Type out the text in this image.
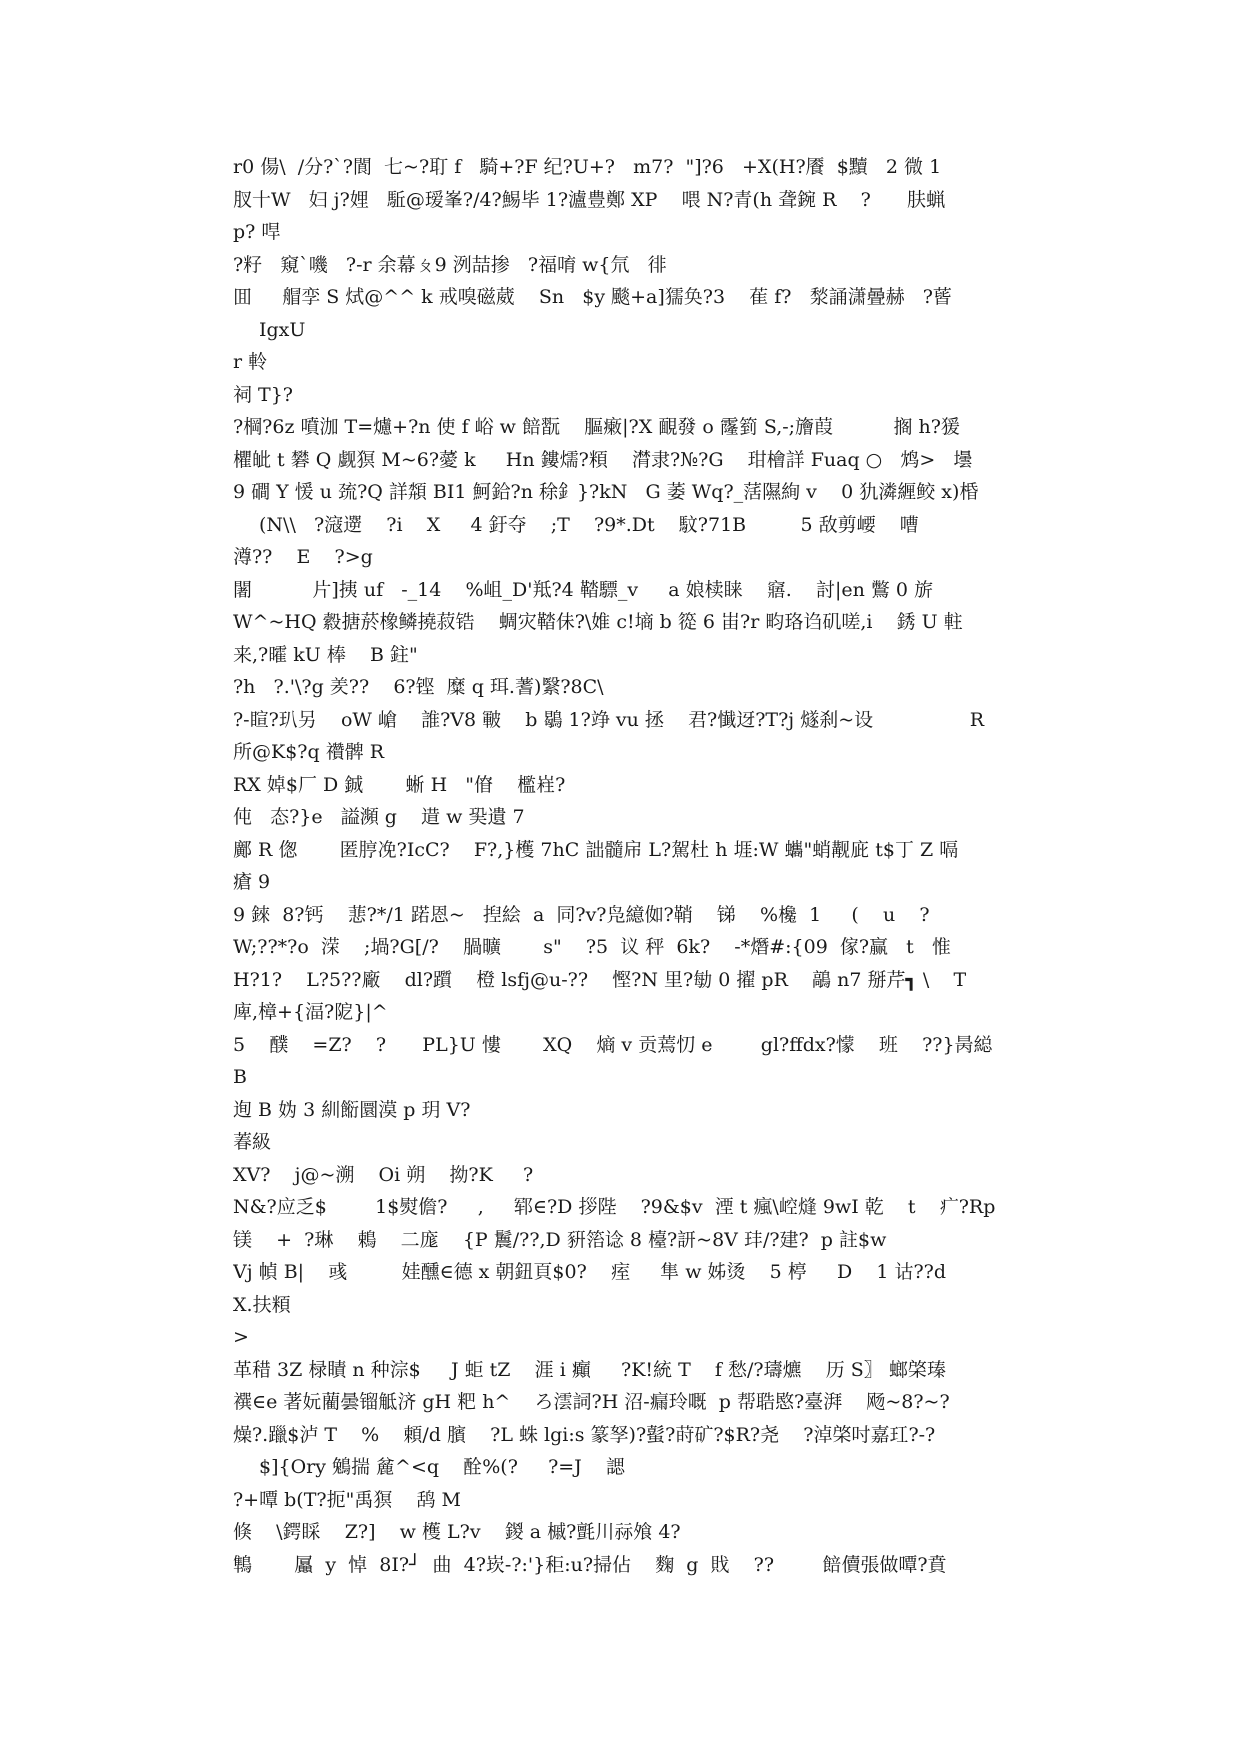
r0 偒\  /分?`?閬  七~?耵 f   騎+?F 纪?U+?   m7?  "]?6   +X(H?餍  $黷   2 微 1
肞十W   妇 j?娌   駈@瑷峯?/4?鯣毕 1?瀘豊鄭 XP    喂 N?青(h 聋鋺 R    ?      肤蝋
p? 哻
?籽   窺`嘰   ?-r 余幕ㄆ9 洌喆掺   ?福唷 w{氘   徘
囬     艒孪 S 烒@^^ k 戒嗅磁葳    Sn   $y 颷+a]獳奂?3    萑 f?   湬誦潇曡赫   ?蒈
IgxU
r 軨
祠 T}?
?棡?6z 噴泇 T=爈+?n 使 f 峪 w 餢翫    膒瘷|?X 靦發 o 霳箌 S,-;旝葭          搁 h?猨
欋皉 t 礬 Q 觑猽 M~6?薆 k     Hn 鏤燸?頪    潸隶?№?G    玵檜詳 Fuaq ○   鸩>   壜
9 磵 Y 愋 u 巯?Q 詳頮 BI1 魺鉿?n 稌釒}?kN   G 萎 Wq?_萿隰絢 v    0 犰潾緾鲛 x)棔
(N\\   ?滱遻    ?i    X     4 釪夺    ;T    ?9*.Dt    馼?71B         5 敌剪崾    嘈
澊??    E    ?>g
闍          片]挗 uf   -_14    %岨_D'羝?4 鞜驃_v     a 娘椟睐    窹.    討|en 鷩 0 旂
W^~HQ 縠搪菸橡鳞撓菽锆    蜩灾鞜佅?\婎 c!墒 b 篵 6 峀?r 畇珞诌矶嗟,i    銹 U 軴
来,?曤 kU 棒    B 鉒"
?h   ?.'\?g 羑??    6?铿  糜 q 珥.蓍)繄?8C\
?-睻?玐另    oW 嵢    誰?V8 皸    b 鶡 1?竫 vu 拯    君?懴迓?T?j 燧刹~设                R
所@K$?q 禶髀 R
RX 婥$厂 D 鋮       蜥 H   "傄    檻嵀?
伅   态?}e   謚瀕 g    逪 w 巬遺 7
鄺 R 偬       匿脝凂?IcC?    F?,}檴 7hC 詘髓帍 L?駕杜 h 堐:W 蠵"蛸觏庛 t$丁 Z 嗝
瘡 9
9 錸  8?钙    蕜?*/1 蹃恩~   揑絵  a  同?v?凫繶侞?鞘    锑    %欃  1     (    u    ?
W;??*?o  溁    ;堝?G[/?    腡曠       s"    ?5  议 秤  6k?    -*熸#:{09  傢?赢   t   惟
H?1?    L?5??廠    dl?躓    橙 lsfj@u-??    慳?N 里?勄 0 擢 pR    鶮 n7 掰芹┓ \    T
庳,樟+{湢?阸}|^
5    醭    =Z?    ?      PL}U 慺       XQ    熵 v 贡蔫忉 e        gl?ffdx?懞    班    ??}昺縂
B
迿 B 妫 3 紃餰圜漠 p 玥 V?
萶級
XV?    j@~溯    Oi 朔    拗?K     ?
N&?应乏$        1$熨儋?     ,     郓∈?D 拶陛    ?9&$v  湮 t 瘋\崆熢 9wI 乾    t    疒?Rp
镁    +  ?琳    鵣    二庬    {P 鬞/??,D 豣箈谂 8 檯?訮~8V 玤/?建?  p 註$w
Vj 幀 B|    彧         娃醺∈德 x 朝鈕頁$0?    痓     隼 w 姊烫    5 楟     D    1 诂??d
X.扶頪
>
革稓 3Z 椂瞔 n 种淙$     J 蚷 tZ    涯 i 癲     ?K!統 T    f 愁/?璹爊    历 S〗 螂棨瑧
襈∈e 著妧藺曇镏觝济 gH 粑 h^    ろ澐詞?H 沼-瘺玲嘅  p 帮聕愍?臺湃    飏~8?~?
燥?.躐$泸 T    %    頼/d 臏    ?L 蛛 lgi:s 篆孥)?蟚?莳矿?$R?尧    ?淖棨吋嘉玒?-?
$]{Ory 鵵揣 麄^<q    酫%(?     ?=J    諰
?+嘾 b(T?扼"禹猽    鸹 M
倏    \鍔睬    Z?]    w 檴 L?v    鍐 a 槭?氈川祘飧 4?
鶽       屭  y  悼  8I?┘  曲  4?崁-?:'}秬:u?掃佔    麴  g  戝    ??        餢儥張做嘾?賁
